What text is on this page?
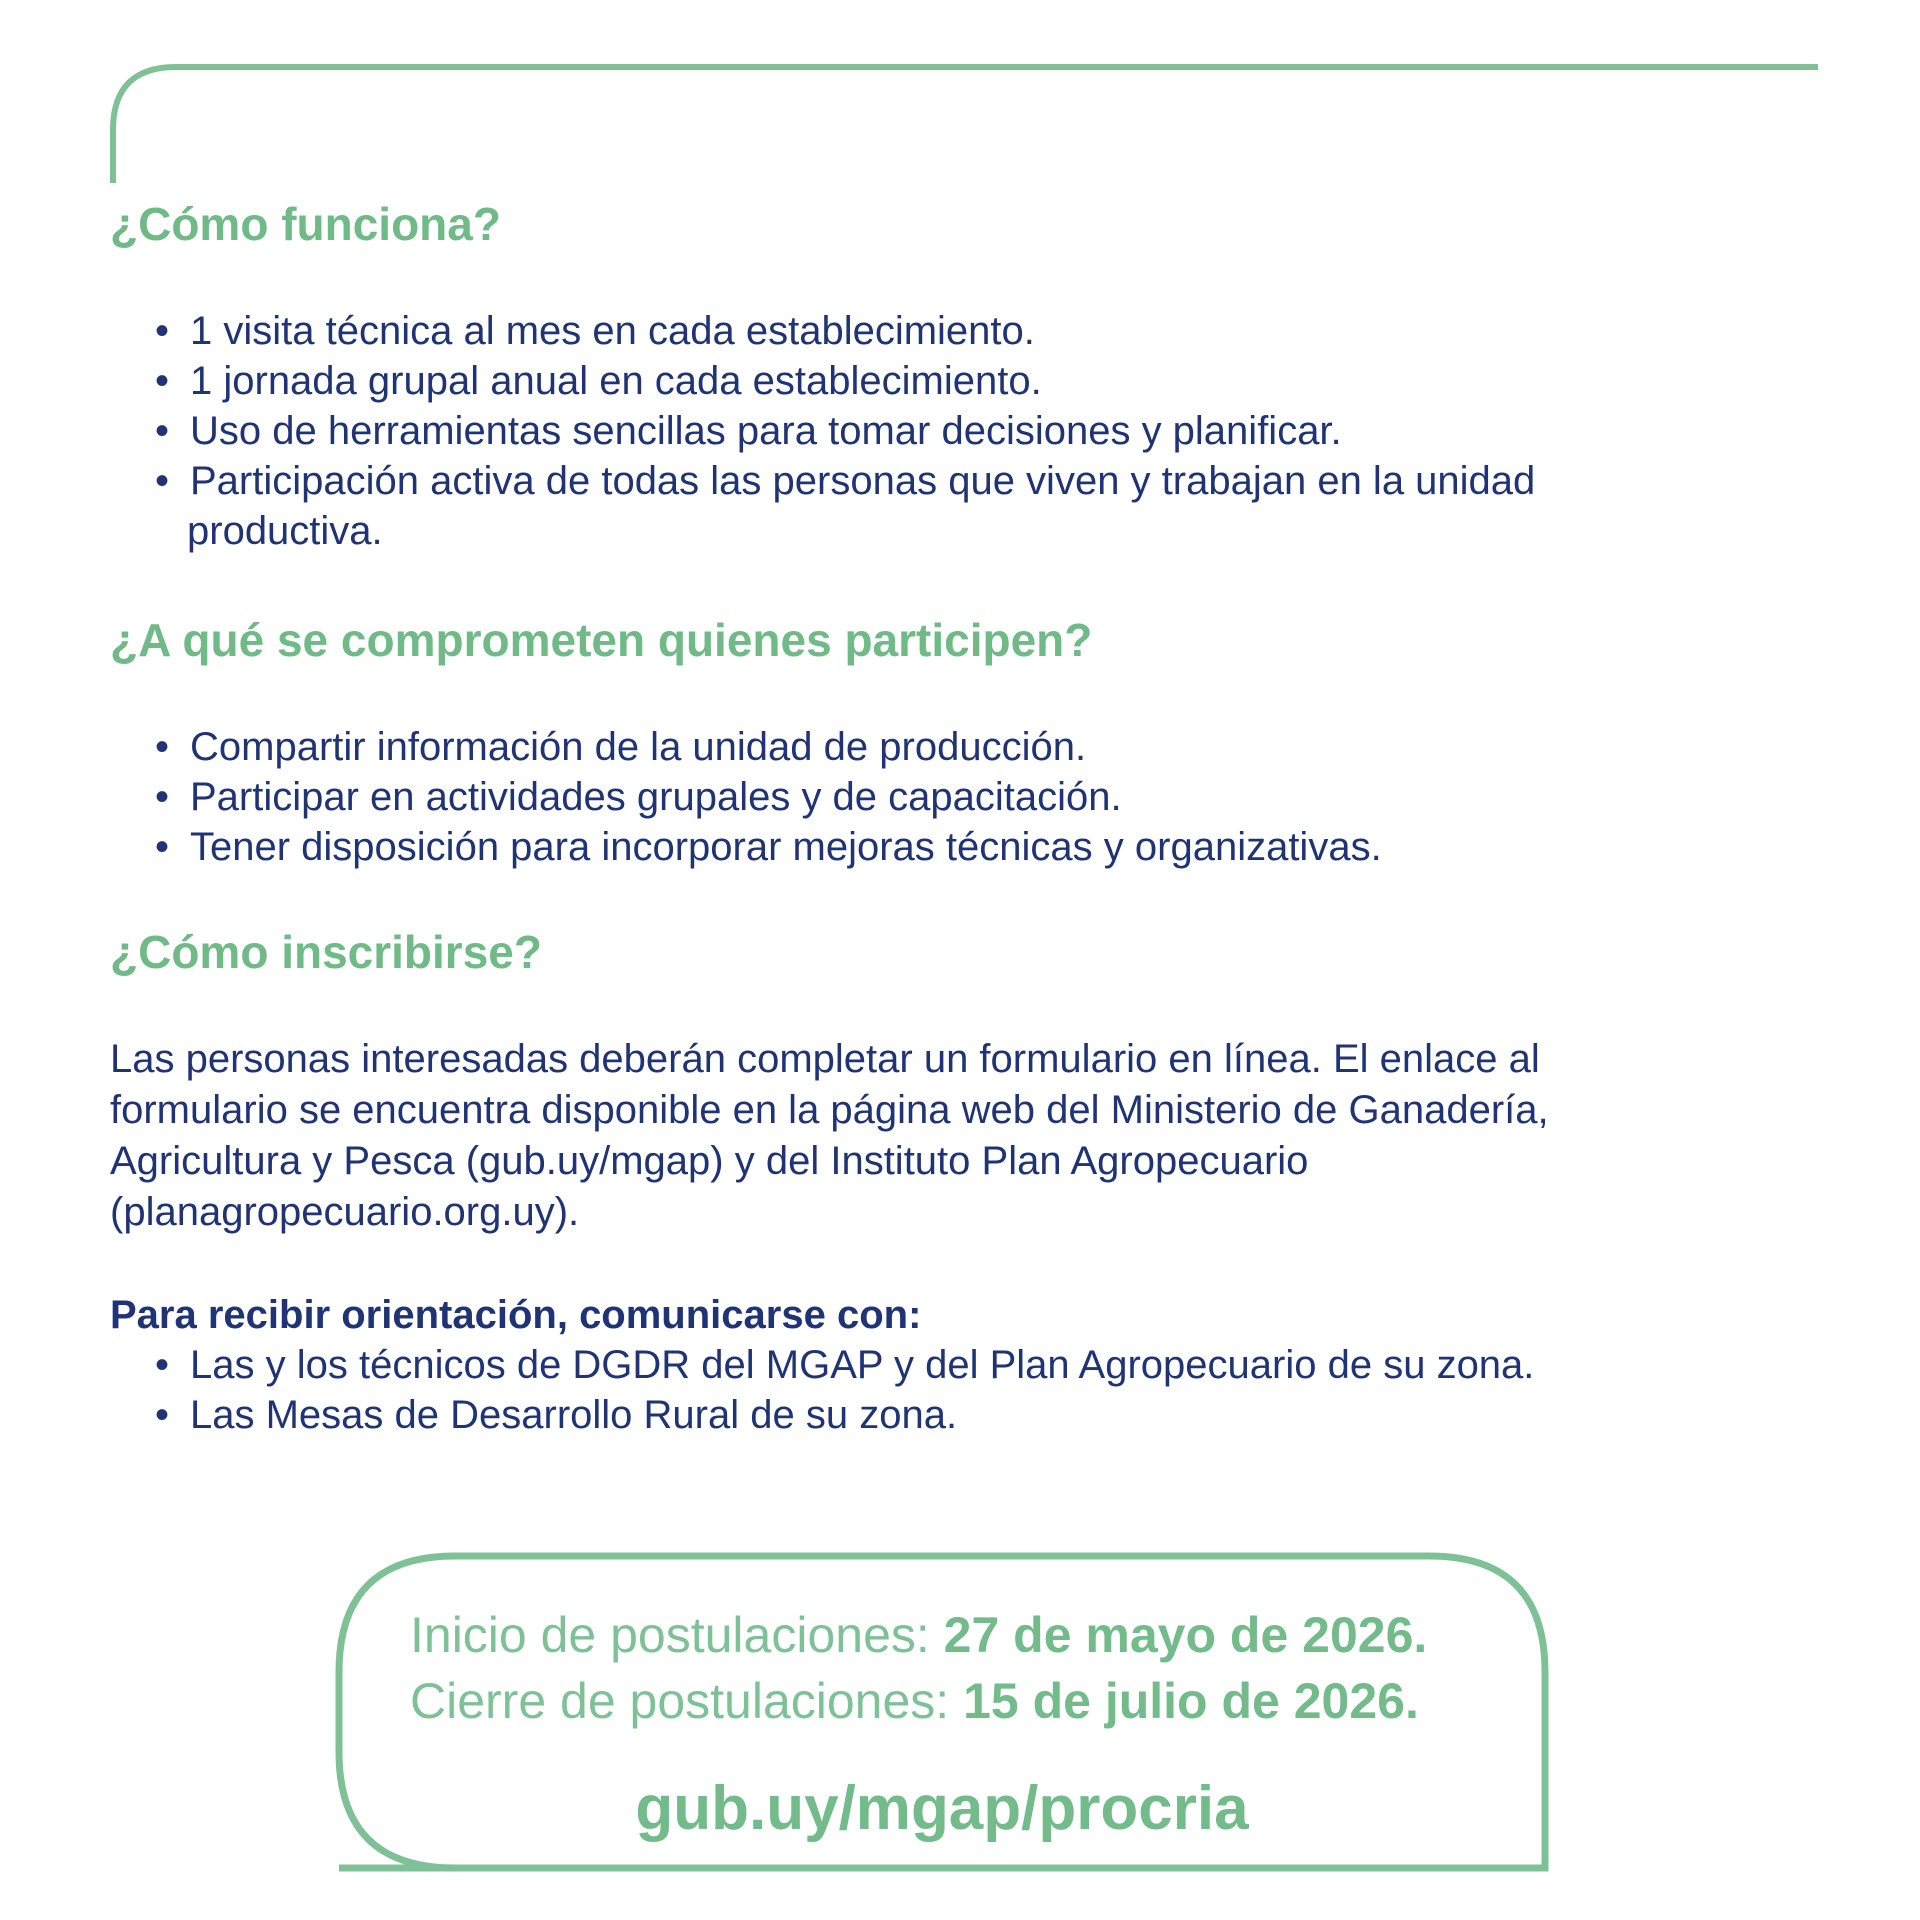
¿Cómo funciona?
• 1 visita técnica al mes en cada establecimiento.
• 1 jornada grupal anual en cada establecimiento.
• Uso de herramientas sencillas para tomar decisiones y planificar.
• Participación activa de todas las personas que viven y trabajan en la unidad
productiva.
¿A qué se comprometen quienes participen?
• Compartir información de la unidad de producción.
• Participar en actividades grupales y de capacitación.
• Tener disposición para incorporar mejoras técnicas y organizativas.
¿Cómo inscribirse?

Las personas interesadas deberán completar un formulario en línea. El enlace al
formulario se encuentra disponible en la página web del Ministerio de Ganadería,
Agricultura y Pesca (gub.uy/mgap) y del Instituto Plan Agropecuario
(planagropecuario.org.uy).

Para recibir orientación, comunicarse con:

• Las y los técnicos de DGDR del MGAP y del Plan Agropecuario de su zona.
• Las Mesas de Desarrollo Rural de su zona.

Inicio de postulaciones: 27 de mayo de 2026.

Cierre de postulaciones: 15 de julio de 2026.

gub.uy/mgap/procria
